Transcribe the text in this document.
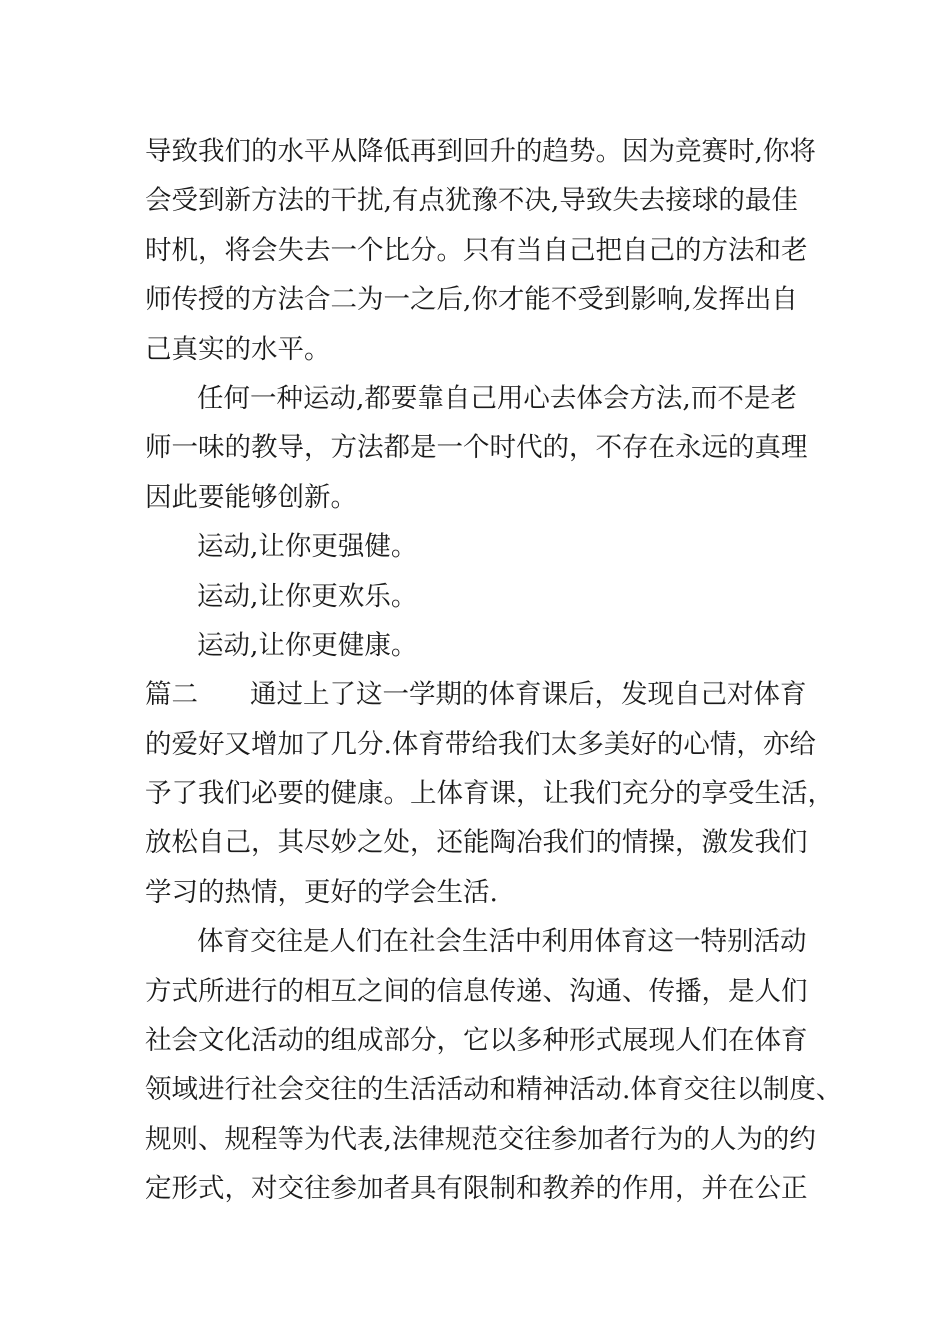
导致我们的水平从降低再到回升的趋势。因为竞赛时,你将
会受到新方法的干扰,有点犹豫不决,导致失去接球的最佳
时机，将会失去一个比分。只有当自己把自己的方法和老
师传授的方法合二为一之后,你才能不受到影响,发挥出自
己真实的水平。
任何一种运动,都要靠自己用心去体会方法,而不是老
师一味的教导，方法都是一个时代的，不存在永远的真理
因此要能够创新。
运动,让你更强健。
运动,让你更欢乐。
运动,让你更健康。
篇二 通过上了这一学期的体育课后，发现自己对体育
的爱好又增加了几分.体育带给我们太多美好的心情，亦给
予了我们必要的健康。上体育课，让我们充分的享受生活，
放松自己，其尽妙之处，还能陶冶我们的情操，激发我们
学习的热情，更好的学会生活.
体育交往是人们在社会生活中利用体育这一特别活动
方式所进行的相互之间的信息传递、沟通、传播，是人们
社会文化活动的组成部分，它以多种形式展现人们在体育
领域进行社会交往的生活活动和精神活动.体育交往以制度、
规则、规程等为代表,法律规范交往参加者行为的人为的约
定形式，对交往参加者具有限制和教养的作用，并在公正
